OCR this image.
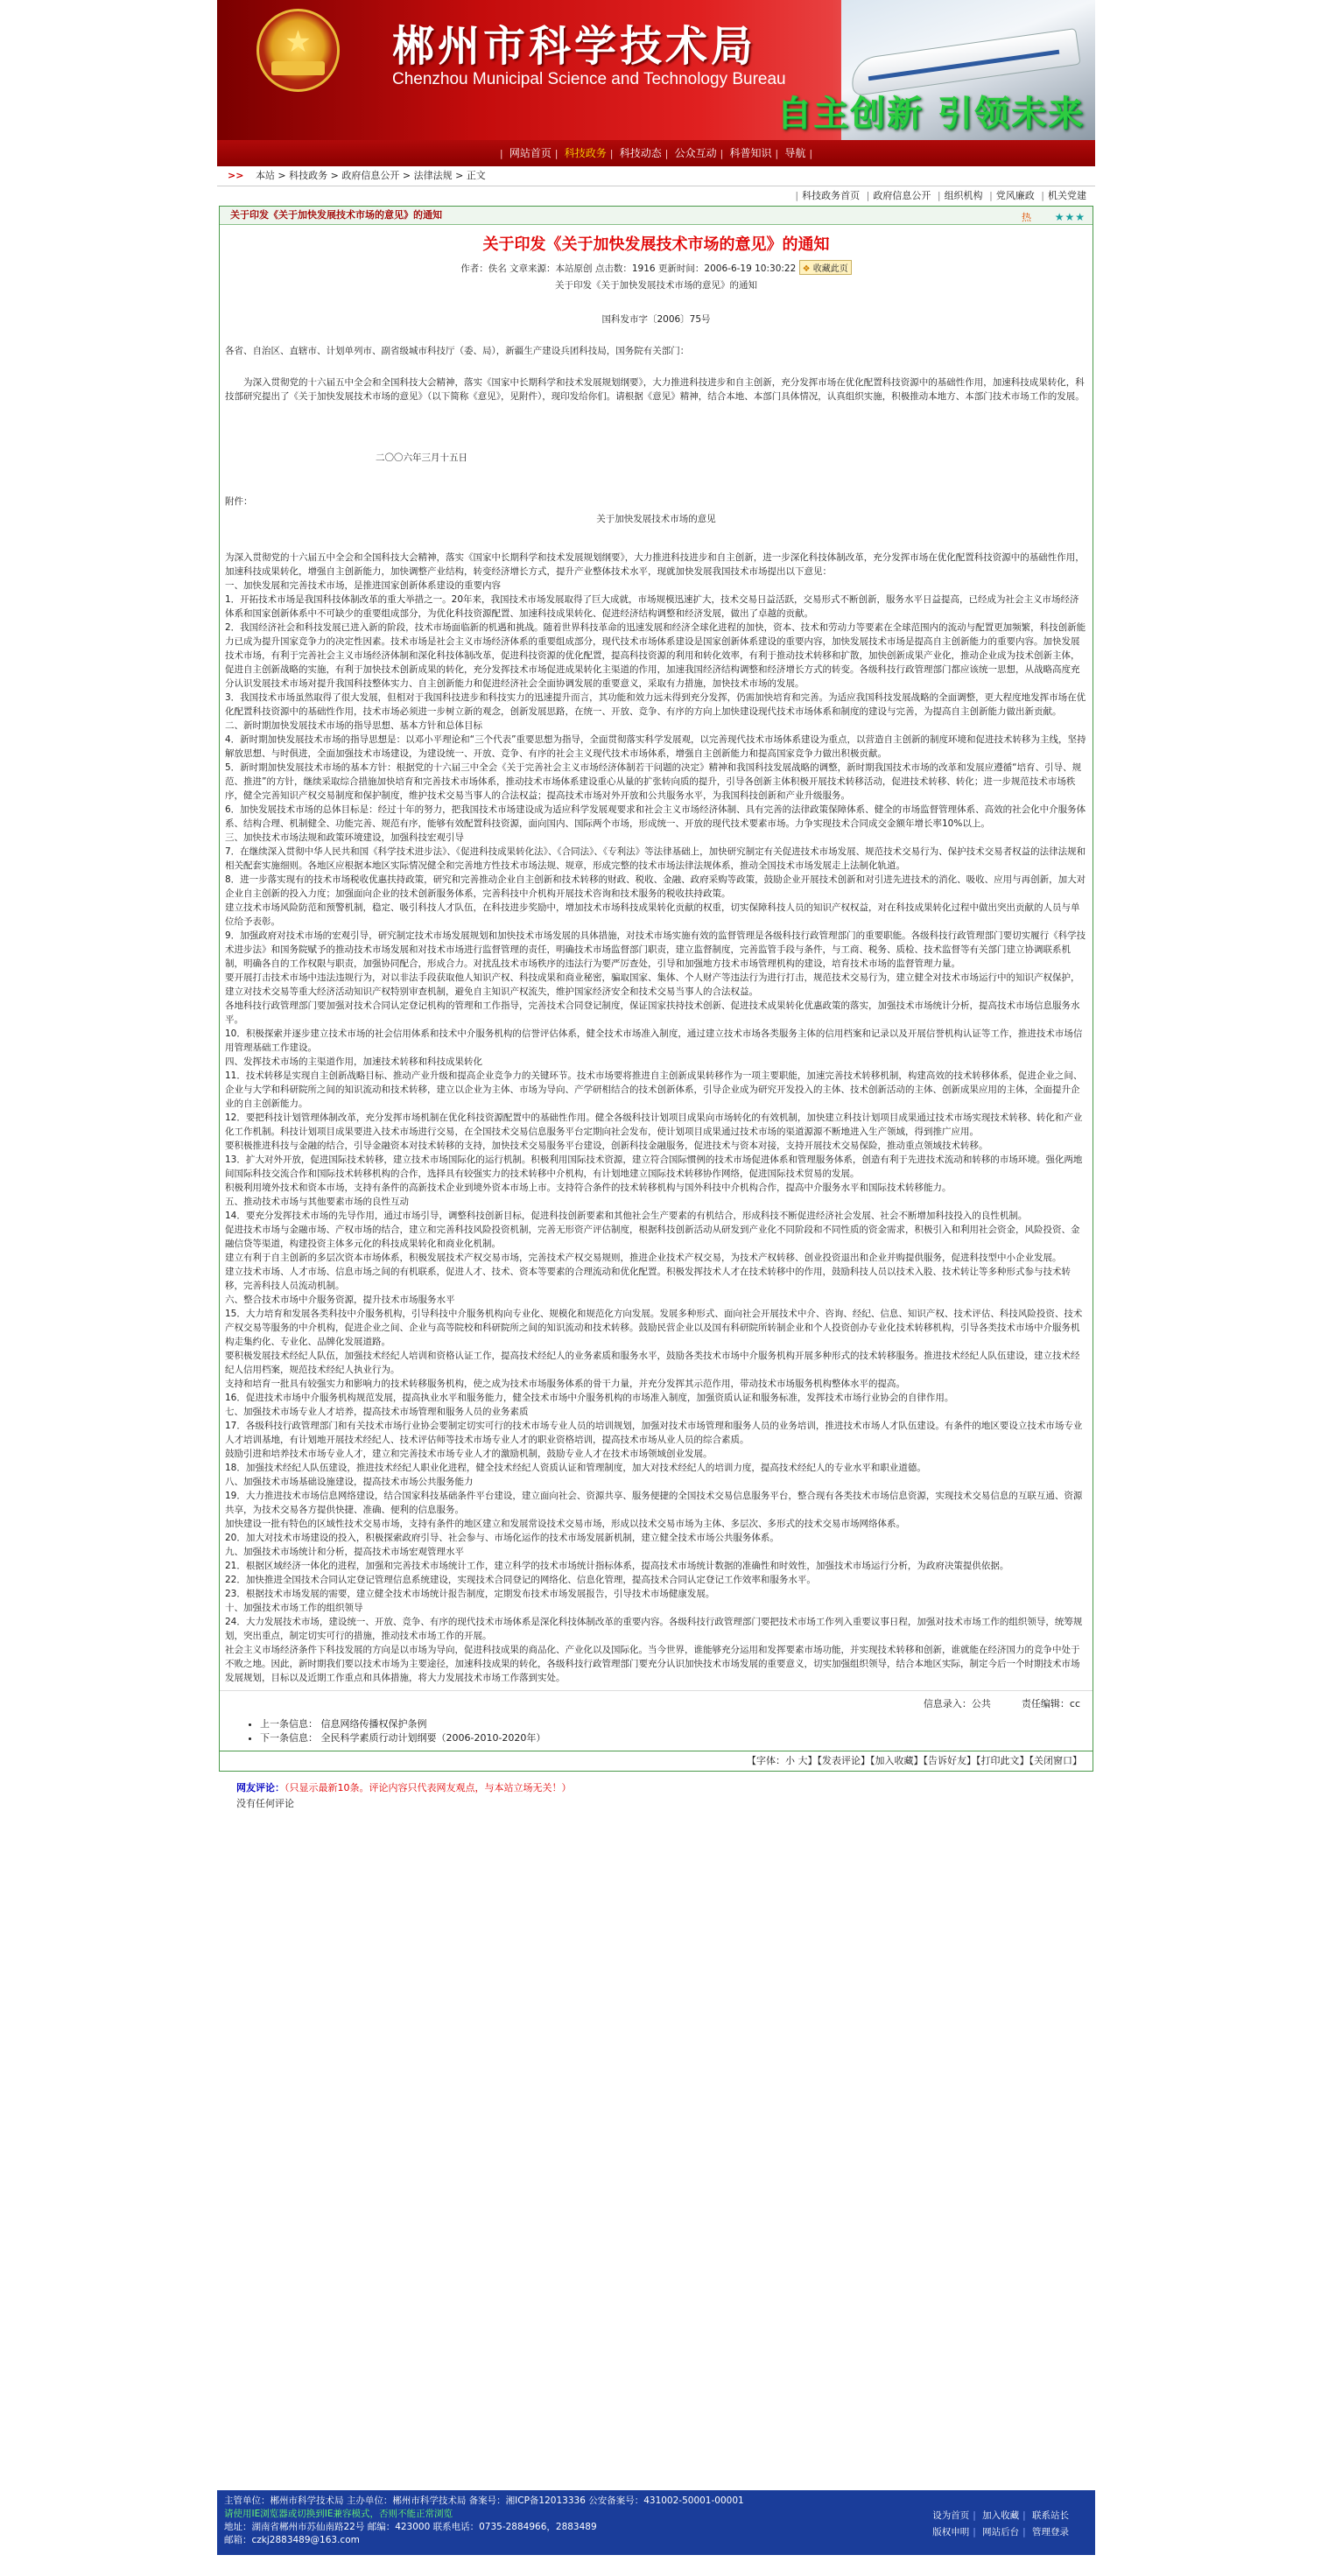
★	郴州市科学技术局
Chenzhou Municipal Science and Technology Bureau
自主创新 引领未来
| 网站首页 | 科技政务 | 科技动态 | 公众互动 | 科普知识 | 导航 |
>> 本站 > 科技政务 > 政府信息公开 > 法律法规 > 正文
| 科技政务首页 | 政府信息公开 | 组织机构 | 党风廉政 | 机关党建
关于印发《关于加快发展技术市场的意见》的通知	热 ★★★
关于印发《关于加快发展技术市场的意见》的通知
作者：佚名 文章来源：本站原创 点击数：1916 更新时间：2006-6-19 10:30:22 ❖ 收藏此页
关于印发《关于加快发展技术市场的意见》的通知

国科发市字〔2006〕75号

各省、自治区、直辖市、计划单列市、副省级城市科技厅（委、局），新疆生产建设兵团科技局，国务院有关部门：

为深入贯彻党的十六届五中全会和全国科技大会精神，落实《国家中长期科学和技术发展规划纲要》，大力推进科技进步和自主创新，充分发挥市场在优化配置科技资源中的基础性作用，加速科技成果转化，科技部研究提出了《关于加快发展技术市场的意见》（以下简称《意见》，见附件），现印发给你们。请根据《意见》精神，结合本地、本部门具体情况，认真组织实施，积极推动本地方、本部门技术市场工作的发展。

二〇〇六年三月十五日

附件：

关于加快发展技术市场的意见

为深入贯彻党的十六届五中全会和全国科技大会精神，落实《国家中长期科学和技术发展规划纲要》，大力推进科技进步和自主创新，进一步深化科技体制改革，充分发挥市场在优化配置科技资源中的基础性作用，加速科技成果转化，增强自主创新能力，加快调整产业结构，转变经济增长方式，提升产业整体技术水平，现就加快发展我国技术市场提出以下意见：

一、加快发展和完善技术市场，是推进国家创新体系建设的重要内容

1．开拓技术市场是我国科技体制改革的重大举措之一。20年来，我国技术市场发展取得了巨大成就，市场规模迅速扩大，技术交易日益活跃，交易形式不断创新，服务水平日益提高，已经成为社会主义市场经济体系和国家创新体系中不可缺少的重要组成部分，为优化科技资源配置、加速科技成果转化、促进经济结构调整和经济发展，做出了卓越的贡献。

2．我国经济社会和科技发展已进入新的阶段，技术市场面临新的机遇和挑战。随着世界科技革命的迅速发展和经济全球化进程的加快，资本、技术和劳动力等要素在全球范围内的流动与配置更加频繁，科技创新能力已成为提升国家竞争力的决定性因素。技术市场是社会主义市场经济体系的重要组成部分，现代技术市场体系建设是国家创新体系建设的重要内容，加快发展技术市场是提高自主创新能力的重要内容。加快发展技术市场，有利于完善社会主义市场经济体制和深化科技体制改革，促进科技资源的优化配置，提高科技资源的利用和转化效率，有利于推动技术转移和扩散，加快创新成果产业化，推动企业成为技术创新主体，促进自主创新战略的实施，有利于加快技术创新成果的转化，充分发挥技术市场促进成果转化主渠道的作用，加速我国经济结构调整和经济增长方式的转变。各级科技行政管理部门都应该统一思想，从战略高度充分认识发展技术市场对提升我国科技整体实力、自主创新能力和促进经济社会全面协调发展的重要意义，采取有力措施，加快技术市场的发展。

3．我国技术市场虽然取得了很大发展，但相对于我国科技进步和科技实力的迅速提升而言，其功能和效力远未得到充分发挥，仍需加快培育和完善。为适应我国科技发展战略的全面调整，更大程度地发挥市场在优化配置科技资源中的基础性作用，技术市场必须进一步树立新的观念，创新发展思路，在统一、开放、竞争、有序的方向上加快建设现代技术市场体系和制度的建设与完善，为提高自主创新能力做出新贡献。

二、新时期加快发展技术市场的指导思想、基本方针和总体目标

4．新时期加快发展技术市场的指导思想是：以邓小平理论和“三个代表”重要思想为指导，全面贯彻落实科学发展观，以完善现代技术市场体系建设为重点，以营造自主创新的制度环境和促进技术转移为主线，坚持解放思想、与时俱进，全面加强技术市场建设，为建设统一、开放、竞争、有序的社会主义现代技术市场体系，增强自主创新能力和提高国家竞争力做出积极贡献。

5．新时期加快发展技术市场的基本方针：根据党的十六届三中全会《关于完善社会主义市场经济体制若干问题的决定》精神和我国科技发展战略的调整，新时期我国技术市场的改革和发展应遵循“培育、引导、规范、推进”的方针，继续采取综合措施加快培育和完善技术市场体系，推动技术市场体系建设重心从量的扩张转向质的提升，引导各创新主体积极开展技术转移活动，促进技术转移、转化；进一步规范技术市场秩序，健全完善知识产权交易制度和保护制度，维护技术交易当事人的合法权益；提高技术市场对外开放和公共服务水平，为我国科技创新和产业升级服务。

6．加快发展技术市场的总体目标是：经过十年的努力，把我国技术市场建设成为适应科学发展观要求和社会主义市场经济体制、具有完善的法律政策保障体系、健全的市场监督管理体系、高效的社会化中介服务体系、结构合理、机制健全、功能完善、规范有序，能够有效配置科技资源，面向国内、国际两个市场，形成统一、开放的现代技术要素市场。力争实现技术合同成交金额年增长率10%以上。

三、加快技术市场法规和政策环境建设，加强科技宏观引导

7．在继续深入贯彻中华人民共和国《科学技术进步法》、《促进科技成果转化法》、《合同法》、《专利法》等法律基础上，加快研究制定有关促进技术市场发展、规范技术交易行为、保护技术交易者权益的法律法规和相关配套实施细则。各地区应根据本地区实际情况健全和完善地方性技术市场法规、规章，形成完整的技术市场法律法规体系，推动全国技术市场发展走上法制化轨道。

8．进一步落实现有的技术市场税收优惠扶持政策，研究和完善推动企业自主创新和技术转移的财政、税收、金融、政府采购等政策，鼓励企业开展技术创新和对引进先进技术的消化、吸收、应用与再创新，加大对企业自主创新的投入力度；加强面向企业的技术创新服务体系，完善科技中介机构开展技术咨询和技术服务的税收扶持政策。

建立技术市场风险防范和预警机制，稳定、吸引科技人才队伍，在科技进步奖励中，增加技术市场科技成果转化贡献的权重，切实保障科技人员的知识产权权益，对在科技成果转化过程中做出突出贡献的人员与单位给予表彰。

9．加强政府对技术市场的宏观引导，研究制定技术市场发展规划和加快技术市场发展的具体措施，对技术市场实施有效的监督管理是各级科技行政管理部门的重要职能。各级科技行政管理部门要切实履行《科学技术进步法》和国务院赋予的推动技术市场发展和对技术市场进行监督管理的责任，明确技术市场监督部门职责，建立监督制度，完善监管手段与条件，与工商、税务、质检、技术监督等有关部门建立协调联系机制，明确各自的工作权限与职责，加强协同配合，形成合力。对扰乱技术市场秩序的违法行为要严厉查处，引导和加强地方技术市场管理机构的建设，培育技术市场的监督管理力量。

要开展打击技术市场中违法违规行为，对以非法手段获取他人知识产权、科技成果和商业秘密，骗取国家、集体、个人财产等违法行为进行打击，规范技术交易行为，建立健全对技术市场运行中的知识产权保护，建立对技术交易等重大经济活动知识产权特别审查机制，避免自主知识产权流失，维护国家经济安全和技术交易当事人的合法权益。

各地科技行政管理部门要加强对技术合同认定登记机构的管理和工作指导，完善技术合同登记制度，保证国家扶持技术创新、促进技术成果转化优惠政策的落实，加强技术市场统计分析，提高技术市场信息服务水平。

10．积极探索并逐步建立技术市场的社会信用体系和技术中介服务机构的信誉评估体系，健全技术市场准入制度，通过建立技术市场各类服务主体的信用档案和记录以及开展信誉机构认证等工作，推进技术市场信用管理基础工作建设。

四、发挥技术市场的主渠道作用，加速技术转移和科技成果转化

11．技术转移是实现自主创新战略目标、推动产业升级和提高企业竞争力的关键环节。技术市场要将推进自主创新成果转移作为一项主要职能，加速完善技术转移机制，构建高效的技术转移体系，促进企业之间、企业与大学和科研院所之间的知识流动和技术转移，建立以企业为主体、市场为导向、产学研相结合的技术创新体系，引导企业成为研究开发投入的主体、技术创新活动的主体、创新成果应用的主体，全面提升企业的自主创新能力。

12．要把科技计划管理体制改革，充分发挥市场机制在优化科技资源配置中的基础性作用。健全各级科技计划项目成果向市场转化的有效机制，加快建立科技计划项目成果通过技术市场实现技术转移、转化和产业化工作机制。科技计划项目成果要进入技术市场进行交易，在全国技术交易信息服务平台定期向社会发布，使计划项目成果通过技术市场的渠道源源不断地进入生产领域，得到推广应用。

要积极推进科技与金融的结合，引导金融资本对技术转移的支持，加快技术交易服务平台建设，创新科技金融服务，促进技术与资本对接，支持开展技术交易保险，推动重点领域技术转移。

13．扩大对外开放，促进国际技术转移，建立技术市场国际化的运行机制。积极利用国际技术资源，建立符合国际惯例的技术市场促进体系和管理服务体系，创造有利于先进技术流动和转移的市场环境。强化两地间国际科技交流合作和国际技术转移机构的合作，选择具有较强实力的技术转移中介机构，有计划地建立国际技术转移协作网络，促进国际技术贸易的发展。

积极利用境外技术和资本市场，支持有条件的高新技术企业到境外资本市场上市。支持符合条件的技术转移机构与国外科技中介机构合作，提高中介服务水平和国际技术转移能力。

五、推动技术市场与其他要素市场的良性互动

14．要充分发挥技术市场的先导作用，通过市场引导，调整科技创新目标，促进科技创新要素和其他社会生产要素的有机结合，形成科技不断促进经济社会发展、社会不断增加科技投入的良性机制。

促进技术市场与金融市场、产权市场的结合，建立和完善科技风险投资机制，完善无形资产评估制度，根据科技创新活动从研发到产业化不同阶段和不同性质的资金需求，积极引入和利用社会资金，风险投资、金融信贷等渠道，构建投资主体多元化的科技成果转化和商业化机制。

建立有利于自主创新的多层次资本市场体系，积极发展技术产权交易市场，完善技术产权交易规则，推进企业技术产权交易，为技术产权转移、创业投资退出和企业并购提供服务，促进科技型中小企业发展。

建立技术市场、人才市场、信息市场之间的有机联系，促进人才、技术、资本等要素的合理流动和优化配置。积极发挥技术人才在技术转移中的作用，鼓励科技人员以技术入股、技术转让等多种形式参与技术转移，完善科技人员流动机制。

六、整合技术市场中介服务资源，提升技术市场服务水平

15．大力培育和发展各类科技中介服务机构，引导科技中介服务机构向专业化、规模化和规范化方向发展。发展多种形式、面向社会开展技术中介、咨询、经纪、信息、知识产权、技术评估、科技风险投资、技术产权交易等服务的中介机构，促进企业之间、企业与高等院校和科研院所之间的知识流动和技术转移。鼓励民营企业以及国有科研院所转制企业和个人投资创办专业化技术转移机构，引导各类技术市场中介服务机构走集约化、专业化、品牌化发展道路。

要积极发展技术经纪人队伍，加强技术经纪人培训和资格认证工作，提高技术经纪人的业务素质和服务水平，鼓励各类技术市场中介服务机构开展多种形式的技术转移服务。推进技术经纪人队伍建设，建立技术经纪人信用档案，规范技术经纪人执业行为。

支持和培育一批具有较强实力和影响力的技术转移服务机构，使之成为技术市场服务体系的骨干力量，并充分发挥其示范作用，带动技术市场服务机构整体水平的提高。

16．促进技术市场中介服务机构规范发展，提高执业水平和服务能力，健全技术市场中介服务机构的市场准入制度，加强资质认证和服务标准，发挥技术市场行业协会的自律作用。

七、加强技术市场专业人才培养，提高技术市场管理和服务人员的业务素质

17．各级科技行政管理部门和有关技术市场行业协会要制定切实可行的技术市场专业人员的培训规划，加强对技术市场管理和服务人员的业务培训，推进技术市场人才队伍建设。有条件的地区要设立技术市场专业人才培训基地，有计划地开展技术经纪人、技术评估师等技术市场专业人才的职业资格培训，提高技术市场从业人员的综合素质。

鼓励引进和培养技术市场专业人才，建立和完善技术市场专业人才的激励机制，鼓励专业人才在技术市场领域创业发展。

18．加强技术经纪人队伍建设，推进技术经纪人职业化进程，健全技术经纪人资质认证和管理制度，加大对技术经纪人的培训力度，提高技术经纪人的专业水平和职业道德。

八、加强技术市场基础设施建设，提高技术市场公共服务能力

19．大力推进技术市场信息网络建设，结合国家科技基础条件平台建设，建立面向社会、资源共享、服务便捷的全国技术交易信息服务平台，整合现有各类技术市场信息资源，实现技术交易信息的互联互通、资源共享，为技术交易各方提供快捷、准确、便利的信息服务。

加快建设一批有特色的区域性技术交易市场，支持有条件的地区建立和发展常设技术交易市场，形成以技术交易市场为主体、多层次、多形式的技术交易市场网络体系。

20．加大对技术市场建设的投入，积极探索政府引导、社会参与、市场化运作的技术市场发展新机制，建立健全技术市场公共服务体系。

九、加强技术市场统计和分析，提高技术市场宏观管理水平

21．根据区域经济一体化的进程，加强和完善技术市场统计工作，建立科学的技术市场统计指标体系，提高技术市场统计数据的准确性和时效性，加强技术市场运行分析，为政府决策提供依据。

22．加快推进全国技术合同认定登记管理信息系统建设，实现技术合同登记的网络化、信息化管理，提高技术合同认定登记工作效率和服务水平。

23．根据技术市场发展的需要，建立健全技术市场统计报告制度，定期发布技术市场发展报告，引导技术市场健康发展。

十、加强技术市场工作的组织领导

24．大力发展技术市场，建设统一、开放、竞争、有序的现代技术市场体系是深化科技体制改革的重要内容。各级科技行政管理部门要把技术市场工作列入重要议事日程，加强对技术市场工作的组织领导，统筹规划，突出重点，制定切实可行的措施，推动技术市场工作的开展。

社会主义市场经济条件下科技发展的方向是以市场为导向，促进科技成果的商品化、产业化以及国际化。当今世界，谁能够充分运用和发挥要素市场功能，并实现技术转移和创新，谁就能在经济国力的竞争中处于不败之地。因此，新时期我们要以技术市场为主要途径，加速科技成果的转化，各级科技行政管理部门要充分认识加快技术市场发展的重要意义，切实加强组织领导，结合本地区实际，制定今后一个时期技术市场发展规划，目标以及近期工作重点和具体措施，将大力发展技术市场工作落到实处。

信息录入：公共	责任编辑：cc
• 上一条信息： 信息网络传播权保护条例
• 下一条信息： 全民科学素质行动计划纲要（2006-2010-2020年）
【字体：小 大】【发表评论】【加入收藏】【告诉好友】【打印此文】【关闭窗口】
网友评论：（只显示最新10条。评论内容只代表网友观点，与本站立场无关！）
没有任何评论
主管单位：郴州市科学技术局 主办单位：郴州市科学技术局 备案号：湘ICP备12013336 公安备案号：431002-50001-00001
请使用IE浏览器或切换到IE兼容模式，否则不能正常浏览
地址：湖南省郴州市苏仙南路22号 邮编：423000 联系电话：0735-2884966，2883489
邮箱：czkj2883489@163.com
设为首页 | 加入收藏 | 联系站长
版权申明 | 网站后台 | 管理登录
